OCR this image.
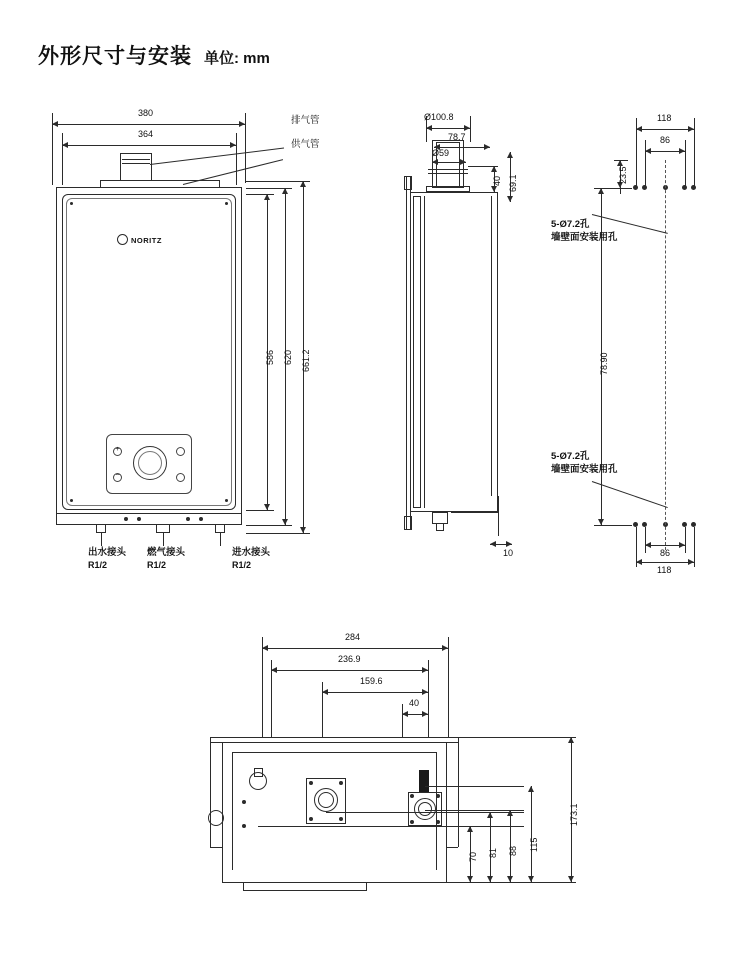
外形尺寸与安装 单位: mm
380
364
NORITZ
+
−
排气管
供气管
586 620 661.2
出水接头
R1/2
燃气接头
R1/2
进水接头
R1/2
Ø100.8
78.7
Ø59
10
40 69.1
118
86
23.5
78.90
5-Ø7.2孔
墙壁面安装用孔
5-Ø7.2孔
墙壁面安装用孔
86
118
284
236.9
159.6
40
70 81 88 115
173.1
